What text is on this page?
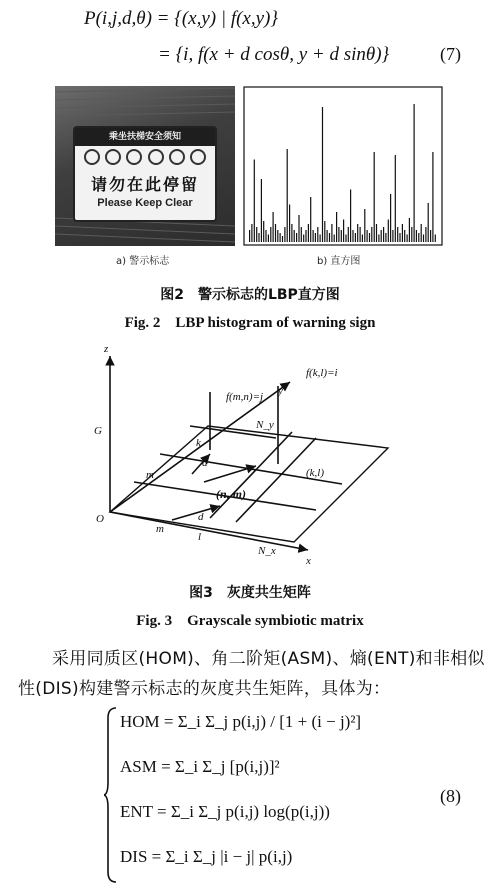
P(i,j,d,θ) = {(x,y) | f(x,y)}
= {i, f(x + d cosθ, y + d sinθ)}	(7)
乘坐扶梯安全须知
请勿在此停留
Please Keep Clear
a) 警示标志	b) 直方图
图2　警示标志的LBP直方图
Fig. 2　LBP histogram of warning sign
z
G
O
x
y
f(m,n)=j
f(k,l)=i
N_y
N_x
k
(k,l)
m
m
d
d
l
(n, m)
图3　灰度共生矩阵
Fig. 3　Grayscale symbiotic matrix
采用同质区(HOM)、角二阶矩(ASM)、熵(ENT)和非相似性(DIS)构建警示标志的灰度共生矩阵，具体为：
HOM = Σ_i Σ_j p(i,j) / [1 + (i − j)²]
ASM = Σ_i Σ_j [p(i,j)]²
ENT = Σ_i Σ_j p(i,j) log(p(i,j))
DIS = Σ_i Σ_j |i − j| p(i,j)
(8)
